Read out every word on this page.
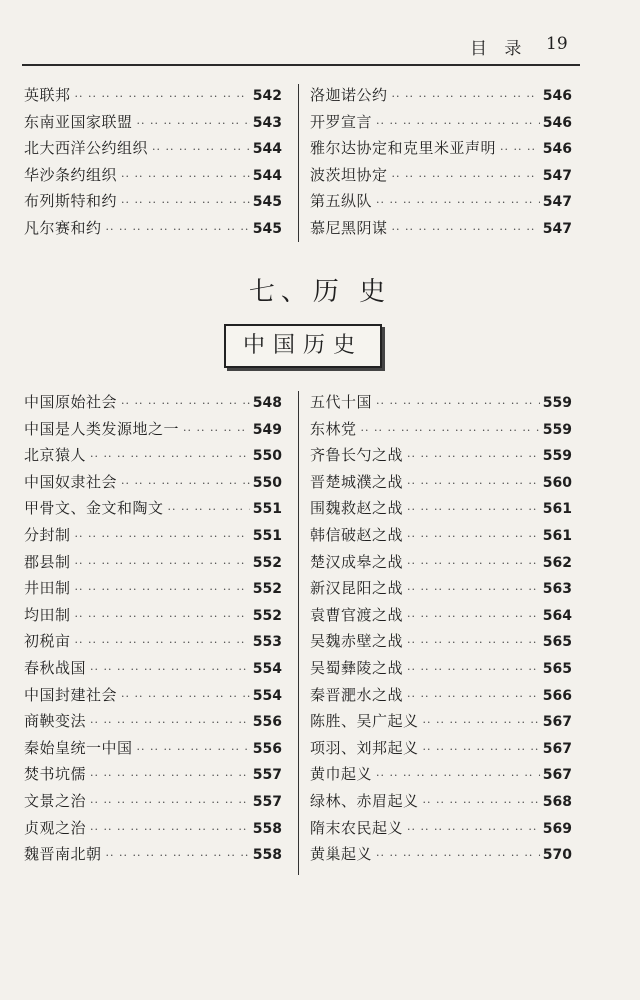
目 录 19
英联邦 ·· ··	542
东南亚国家联盟 ·· ··	543
北大西洋公约组织 ·· ··	544
华沙条约组织 ·· ··	544
布列斯特和约 ·· ··	545
凡尔赛和约 ·· ··	545
洛迦诺公约 ·· ··	546
开罗宣言 ·· ··	546
雅尔达协定和克里米亚声明 ·· ··	546
波茨坦协定 ·· ··	547
第五纵队 ·· ··	547
慕尼黑阴谋 ·· ··	547
七、历 史
中国历史
中国原始社会 ·· ··	548
中国是人类发源地之一 ·· ··	549
北京猿人 ·· ··	550
中国奴隶社会 ·· ··	550
甲骨文、金文和陶文 ·· ··	551
分封制 ·· ··	551
郡县制 ·· ··	552
井田制 ·· ··	552
均田制 ·· ··	552
初税亩 ·· ··	553
春秋战国 ·· ··	554
中国封建社会 ·· ··	554
商鞅变法 ·· ··	556
秦始皇统一中国 ·· ··	556
焚书坑儒 ·· ··	557
文景之治 ·· ··	557
贞观之治 ·· ··	558
魏晋南北朝 ·· ··	558
五代十国 ·· ··	559
东林党 ·· ··	559
齐鲁长勺之战 ·· ··	559
晋楚城濮之战 ·· ··	560
围魏救赵之战 ·· ··	561
韩信破赵之战 ·· ··	561
楚汉成皋之战 ·· ··	562
新汉昆阳之战 ·· ··	563
袁曹官渡之战 ·· ··	564
吴魏赤壁之战 ·· ··	565
吴蜀彝陵之战 ·· ··	565
秦晋淝水之战 ·· ··	566
陈胜、吴广起义 ·· ··	567
项羽、刘邦起义 ·· ··	567
黄巾起义 ·· ··	567
绿林、赤眉起义 ·· ··	568
隋末农民起义 ·· ··	569
黄巢起义 ·· ··	570
